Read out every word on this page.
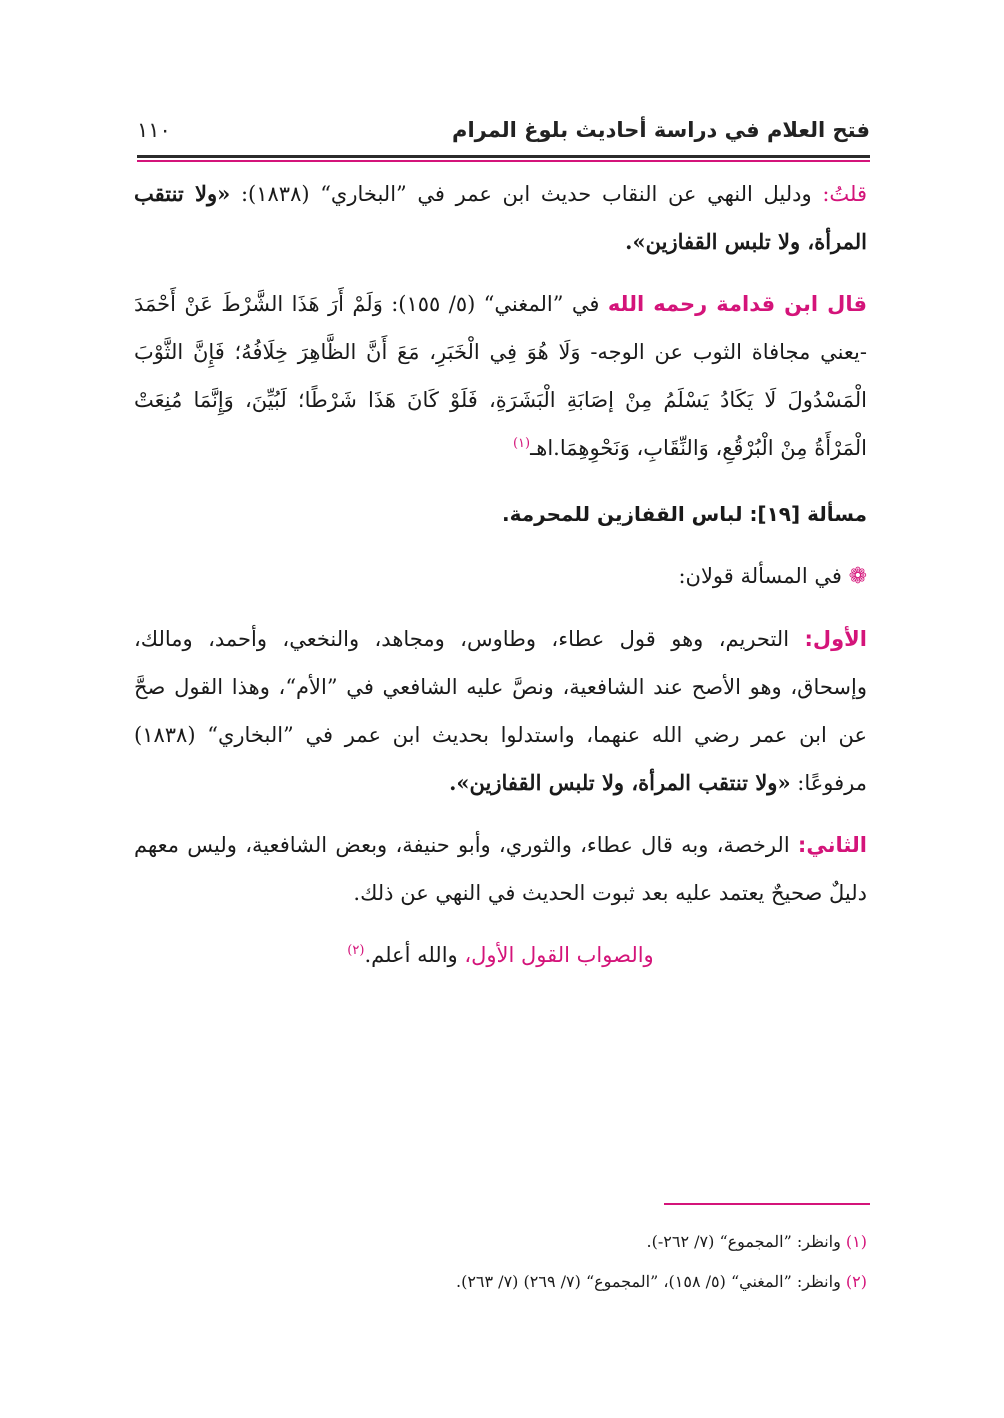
فتح العلام في دراسة أحاديث بلوغ المرام
١١٠

قلتُ: ودليل النهي عن النقاب حديث ابن عمر في ”البخاري“ (١٨٣٨): «ولا تنتقب المرأة، ولا تلبس القفازين».

قال ابن قدامة رحمه الله في ”المغني“ (٥/ ١٥٥): وَلَمْ أَرَ هَذَا الشَّرْطَ عَنْ أَحْمَدَ -يعني مجافاة الثوب عن الوجه- وَلَا هُوَ فِي الْخَبَرِ، مَعَ أَنَّ الظَّاهِرَ خِلَافُهُ؛ فَإِنَّ الثَّوْبَ الْمَسْدُولَ لَا يَكَادُ يَسْلَمُ مِنْ إصَابَةِ الْبَشَرَةِ، فَلَوْ كَانَ هَذَا شَرْطًا؛ لَبُيِّنَ، وَإِنَّمَا مُنِعَتْ الْمَرْأَةُ مِنْ الْبُرْقُعِ، وَالنِّقَابِ، وَنَحْوِهِمَا.اهـ$^{(١)}$

مسألة [١٩]: لباس القفازين للمحرمة.

❁ في المسألة قولان:

الأول: التحريم، وهو قول عطاء، وطاوس، ومجاهد، والنخعي، وأحمد، ومالك، وإسحاق، وهو الأصح عند الشافعية، ونصَّ عليه الشافعي في ”الأم“، وهذا القول صحَّ عن ابن عمر رضي الله عنهما، واستدلوا بحديث ابن عمر في ”البخاري“ (١٨٣٨) مرفوعًا: «ولا تنتقب المرأة، ولا تلبس القفازين».

الثاني: الرخصة، وبه قال عطاء، والثوري، وأبو حنيفة، وبعض الشافعية، وليس معهم دليلٌ صحيحٌ يعتمد عليه بعد ثبوت الحديث في النهي عن ذلك.

والصواب القول الأول، والله أعلم.$^{(٢)}$

(١) وانظر: ”المجموع“ (٧/ ٢٦٢-).
(٢) وانظر: ”المغني“ (٥/ ١٥٨)، ”المجموع“ (٧/ ٢٦٩) (٧/ ٢٦٣).
